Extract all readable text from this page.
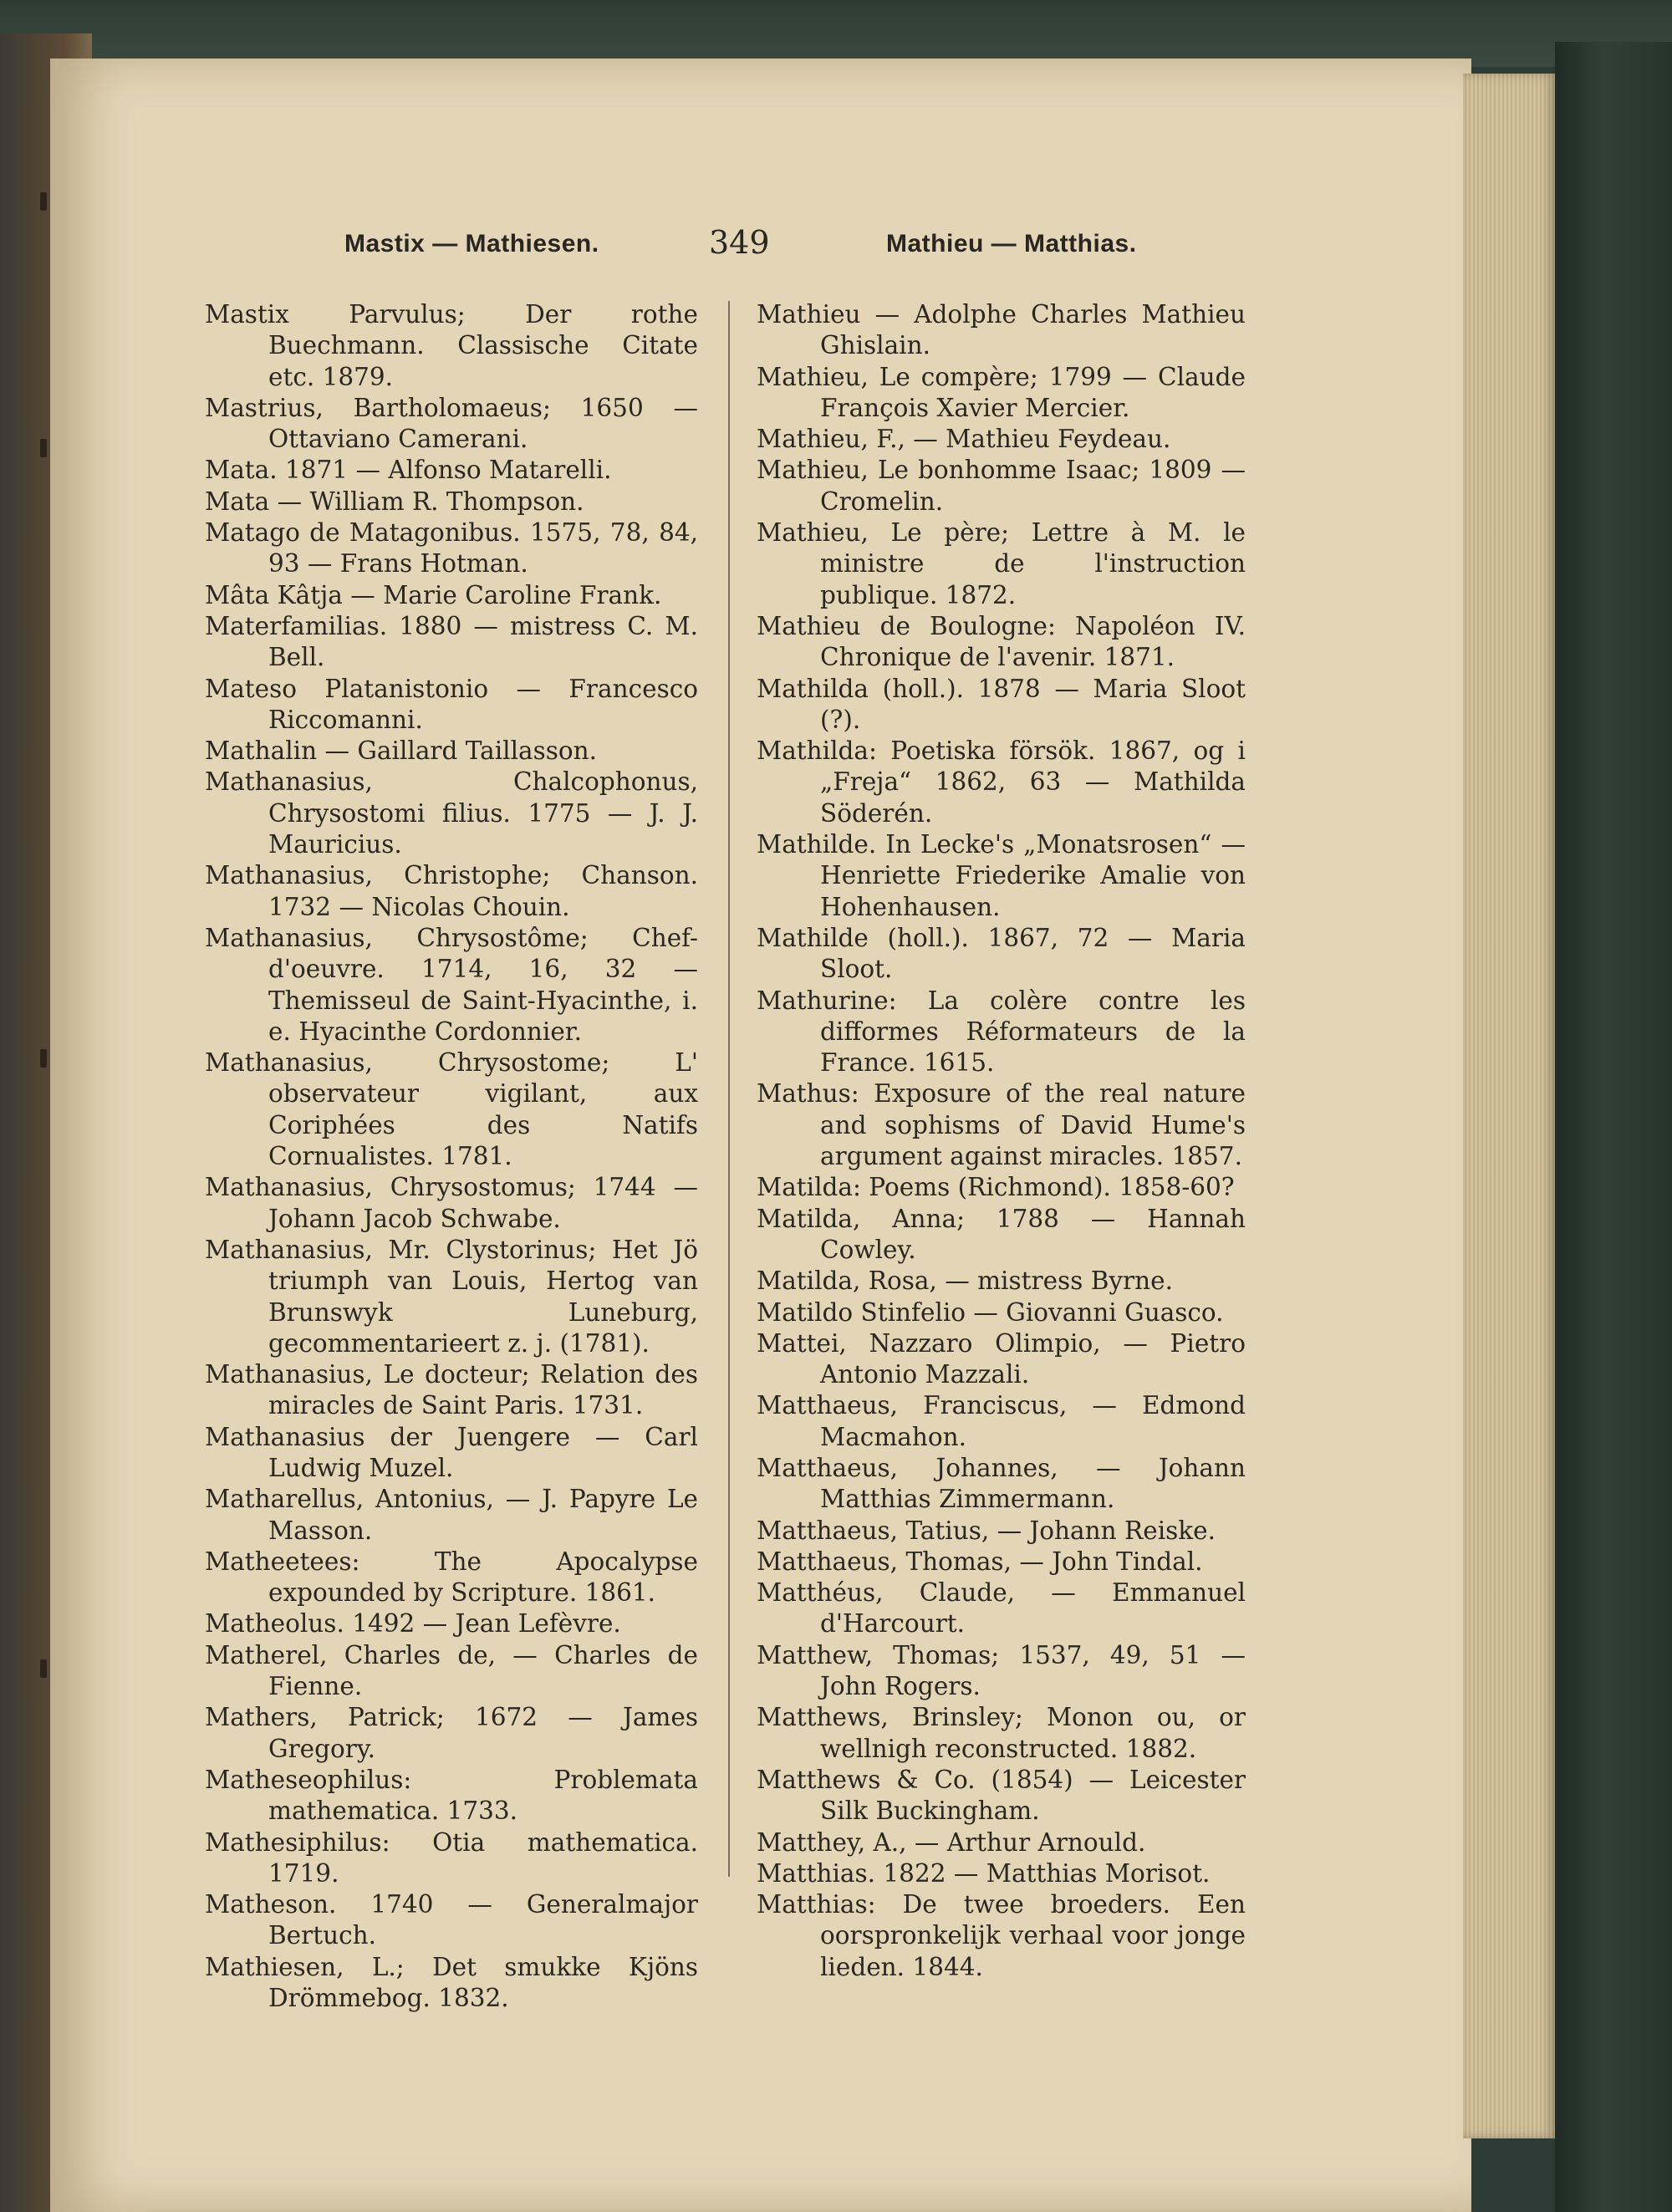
Mastix — Mathiesen.	349	Mathieu — Matthias.
Mastix Parvulus; Der rothe Buechmann. Classische Citate etc. 1879.
Mastrius, Bartholomaeus; 1650 — Ottaviano Camerani.
Mata. 1871 — Alfonso Matarelli.
Mata — William R. Thompson.
Matago de Matagonibus. 1575, 78, 84, 93 — Frans Hotman.
Mâta Kâtja — Marie Caroline Frank.
Materfamilias. 1880 — mistress C. M. Bell.
Mateso Platanistonio — Francesco Riccomanni.
Mathalin — Gaillard Taillasson.
Mathanasius, Chalcophonus, Chrysostomi filius. 1775 — J. J. Mauricius.
Mathanasius, Christophe; Chanson. 1732 — Nicolas Chouin.
Mathanasius, Chrysostôme; Chef-d'oeuvre. 1714, 16, 32 — Themisseul de Saint-Hyacinthe, i. e. Hyacinthe Cordonnier.
Mathanasius, Chrysostome; L' observateur vigilant, aux Coriphées des Natifs Cornualistes. 1781.
Mathanasius, Chrysostomus; 1744 — Johann Jacob Schwabe.
Mathanasius, Mr. Clystorinus; Het Jö triumph van Louis, Hertog van Brunswyk Luneburg, gecommentarieert z. j. (1781).
Mathanasius, Le docteur; Relation des miracles de Saint Paris. 1731.
Mathanasius der Juengere — Carl Ludwig Muzel.
Matharellus, Antonius, — J. Papyre Le Masson.
Matheetees: The Apocalypse expounded by Scripture. 1861.
Matheolus. 1492 — Jean Lefèvre.
Matherel, Charles de, — Charles de Fienne.
Mathers, Patrick; 1672 — James Gregory.
Matheseophilus: Problemata mathematica. 1733.
Mathesiphilus: Otia mathematica. 1719.
Matheson. 1740 — Generalmajor Bertuch.
Mathiesen, L.; Det smukke Kjöns Drömmebog. 1832.
Mathieu — Adolphe Charles Mathieu Ghislain.
Mathieu, Le compère; 1799 — Claude François Xavier Mercier.
Mathieu, F., — Mathieu Feydeau.
Mathieu, Le bonhomme Isaac; 1809 — Cromelin.
Mathieu, Le père; Lettre à M. le ministre de l'instruction publique. 1872.
Mathieu de Boulogne: Napoléon IV. Chronique de l'avenir. 1871.
Mathilda (holl.). 1878 — Maria Sloot (?).
Mathilda: Poetiska försök. 1867, og i „Freja“ 1862, 63 — Mathilda Söderén.
Mathilde. In Lecke's „Monatsrosen“ — Henriette Friederike Amalie von Hohenhausen.
Mathilde (holl.). 1867, 72 — Maria Sloot.
Mathurine: La colère contre les difformes Réformateurs de la France. 1615.
Mathus: Exposure of the real nature and sophisms of David Hume's argument against miracles. 1857.
Matilda: Poems (Richmond). 1858-60?
Matilda, Anna; 1788 — Hannah Cowley.
Matilda, Rosa, — mistress Byrne.
Matildo Stinfelio — Giovanni Guasco.
Mattei, Nazzaro Olimpio, — Pietro Antonio Mazzali.
Matthaeus, Franciscus, — Edmond Macmahon.
Matthaeus, Johannes, — Johann Matthias Zimmermann.
Matthaeus, Tatius, — Johann Reiske.
Matthaeus, Thomas, — John Tindal.
Matthéus, Claude, — Emmanuel d'Harcourt.
Matthew, Thomas; 1537, 49, 51 — John Rogers.
Matthews, Brinsley; Monon ou, or wellnigh reconstructed. 1882.
Matthews & Co. (1854) — Leicester Silk Buckingham.
Matthey, A., — Arthur Arnould.
Matthias. 1822 — Matthias Morisot.
Matthias: De twee broeders. Een oorspronkelijk verhaal voor jonge lieden. 1844.
